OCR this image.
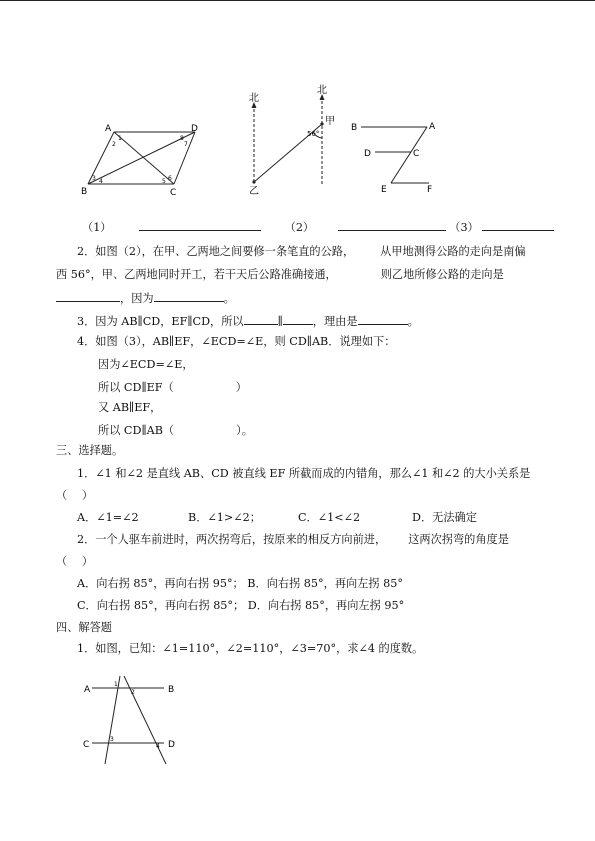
A	D
B	C
1
2
3 4	5 6
7
8
北
北
甲
乙
56°
B	A
D	C
E	F
（1）	（2）	（3）
2．如图（2），在甲、乙两地之间要修一条笔直的公路， 从甲地测得公路的走向是南偏
西 56°，甲、乙两地同时开工，若干天后公路准确接通，	则乙地所修公路的走向是
，因为	。
3．因为 AB∥CD，EF∥CD，所以	∥	，理由是	。
4．如图（3），AB∥EF，∠ECD=∠E，则 CD∥AB．说理如下：
因为∠ECD=∠E，
所以 CD∥EF（	）
又 AB∥EF，
所以 CD∥AB（	）。
三、选择题。
1．∠1 和∠2 是直线 AB、CD 被直线 EF 所截而成的内错角，那么∠1 和∠2 的大小关系是
（　 ）
A．∠1=∠2	B．∠1>∠2；	C．∠1<∠2	D．无法确定
2．一个人驱车前进时，两次拐弯后，按原来的相反方向前进， 这两次拐弯的角度是
（　 ）
A．向右拐 85°，再向右拐 95°； B．向右拐 85°，再向左拐 85°
C．向右拐 85°，再向右拐 85°； D．向右拐 85°，再向左拐 95°
四、解答题
1．如图，已知：∠1=110°，∠2=110°，∠3=70°，求∠4 的度数。
A	B
C	D
1
2
3
4
